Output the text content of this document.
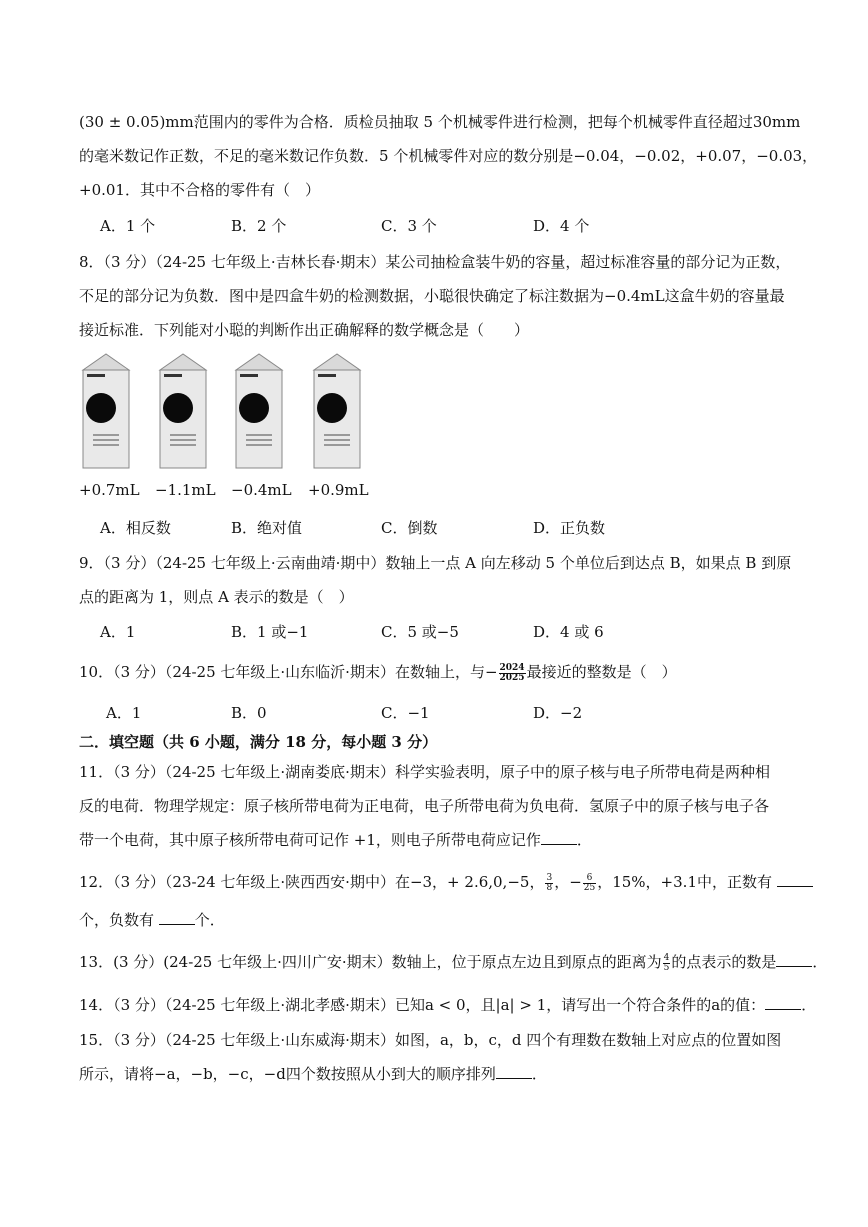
(30 ± 0.05)mm范围内的零件为合格．质检员抽取 5 个机械零件进行检测，把每个机械零件直径超过30mm
的毫米数记作正数，不足的毫米数记作负数．5 个机械零件对应的数分别是−0.04，−0.02，+0.07，−0.03，
+0.01．其中不合格的零件有（　）
A．1 个	B．2 个	C．3 个	D．4 个
8．（3 分）（24-25 七年级上·吉林长春·期末）某公司抽检盒装牛奶的容量，超过标准容量的部分记为正数，
不足的部分记为负数．图中是四盒牛奶的检测数据，小聪很快确定了标注数据为−0.4mL这盒牛奶的容量最
接近标准．下列能对小聪的判断作出正确解释的数学概念是（　　）
+0.7mL −1.1mL −0.4mL +0.9mL
A．相反数	B．绝对值	C．倒数	D．正负数
9．（3 分）（24-25 七年级上·云南曲靖·期中）数轴上一点 A 向左移动 5 个单位后到达点 B，如果点 B 到原
点的距离为 1，则点 A 表示的数是（　）
A．1	B．1 或−1	C．5 或−5	D．4 或 6
10．（3 分）（24-25 七年级上·山东临沂·期末）在数轴上，与− $\frac{2024}{2025}$ 最接近的整数是（　）
A．1	B．0	C．−1	D．−2
二．填空题（共 6 小题，满分 18 分，每小题 3 分）
11．（3 分）（24-25 七年级上·湖南娄底·期末）科学实验表明，原子中的原子核与电子所带电荷是两种相
反的电荷．物理学规定：原子核所带电荷为正电荷，电子所带电荷为负电荷．氢原子中的原子核与电子各
带一个电荷，其中原子核所带电荷可记作 +1，则电子所带电荷应记作 ．
12．（3 分）（23-24 七年级上·陕西西安·期中）在−3，+ 2.6,0,−5， $\frac{3}{8}$ ，− $\frac{6}{25}$ ，15%，+3.1中，正数有
个，负数有	个．
13．(3 分）(24-25 七年级上·四川广安·期末）数轴上，位于原点左边且到原点的距离为 $\frac{4}{5}$ 的点表示的数是 ．
14．（3 分）（24-25 七年级上·湖北孝感·期末）已知a < 0，且|a| > 1，请写出一个符合条件的a的值： ．
15．（3 分）（24-25 七年级上·山东威海·期末）如图，a，b，c，d 四个有理数在数轴上对应点的位置如图
所示，请将−a，−b，−c，−d四个数按照从小到大的顺序排列 ．
